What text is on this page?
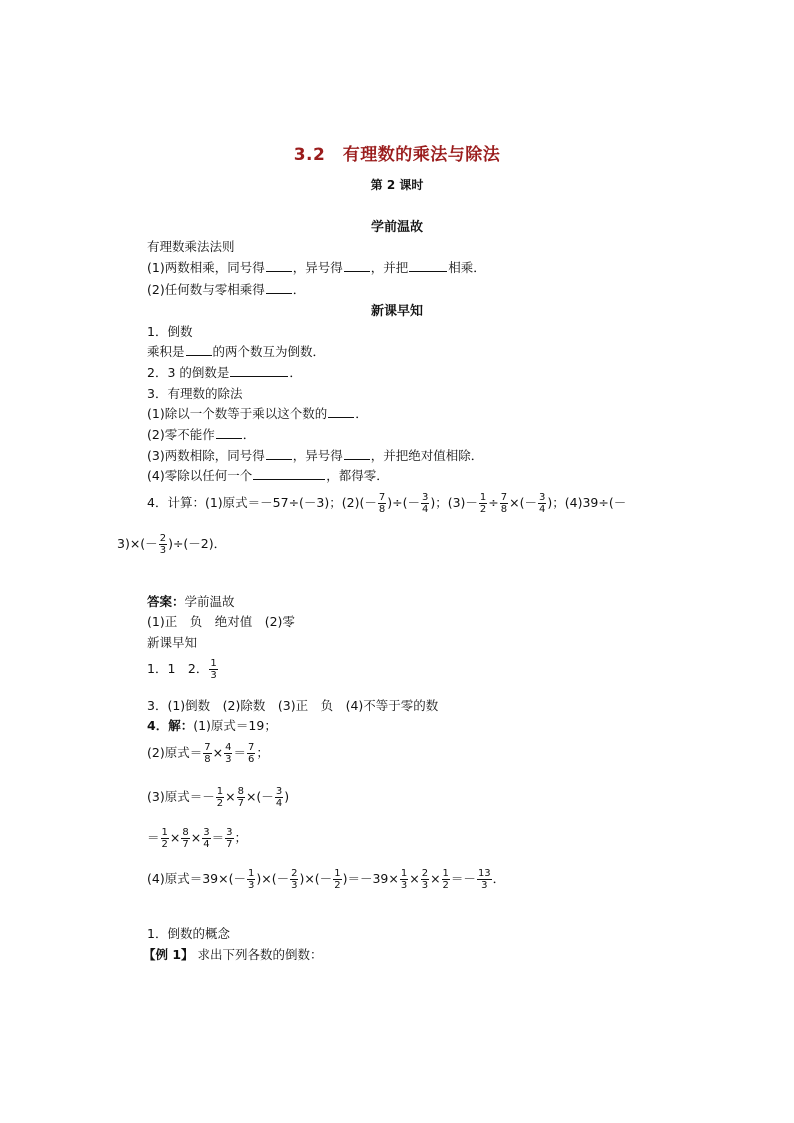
3.2　有理数的乘法与除法
第 2 课时
学前温故
有理数乘法法则
(1)两数相乘，同号得 ，异号得 ，并把	相乘．
(2)任何数与零相乘得 ．
新课早知
1．倒数
乘积是 的两个数互为倒数．
2．3 的倒数是	．
3．有理数的除法
(1)除以一个数等于乘以这个数的 ．
(2)零不能作 ．
(3)两数相除，同号得 ，异号得 ，并把绝对值相除．
(4)零除以任何一个	，都得零．
4．计算：(1)原式＝－57÷(－3)；$(2)(- \frac{7}{8}$ )÷(－ $\frac{3}{4}$ )；$(3)- \frac{1}{2} \div \frac{7}{8}$ ×(－ $\frac{3}{4}$ )；(4)39÷(－
$3)\times(- \frac{2}{3} )\div(-2)$．
答案：学前温故
(1)正　负　绝对值　(2)零
新课早知
1．1　2． $\frac{1}{3}$
3．(1)倒数　(2)除数　(3)正　负　(4)不等于零的数
4．解：(1)原式＝19；
(2)原式＝ $\frac{7}{8} \times \frac{4}{3} = \frac{7}{6}$ ；
(3)原式＝－ $\frac{1}{2} \times \frac{8}{7}$ ×(－ $\frac{3}{4}$ )
＝ $\frac{1}{2} \times \frac{8}{7} \times \frac{3}{4} = \frac{3}{7}$ ；
(4)原式$=39\times(- \frac{1}{3}$ )×(－ $\frac{2}{3}$ )×(－ $\frac{1}{2} )=-39\times \frac{1}{3} \times \frac{2}{3} \times \frac{1}{2} =- \frac{13}{3}$ ．
1．倒数的概念
【例 1】 求出下列各数的倒数：
